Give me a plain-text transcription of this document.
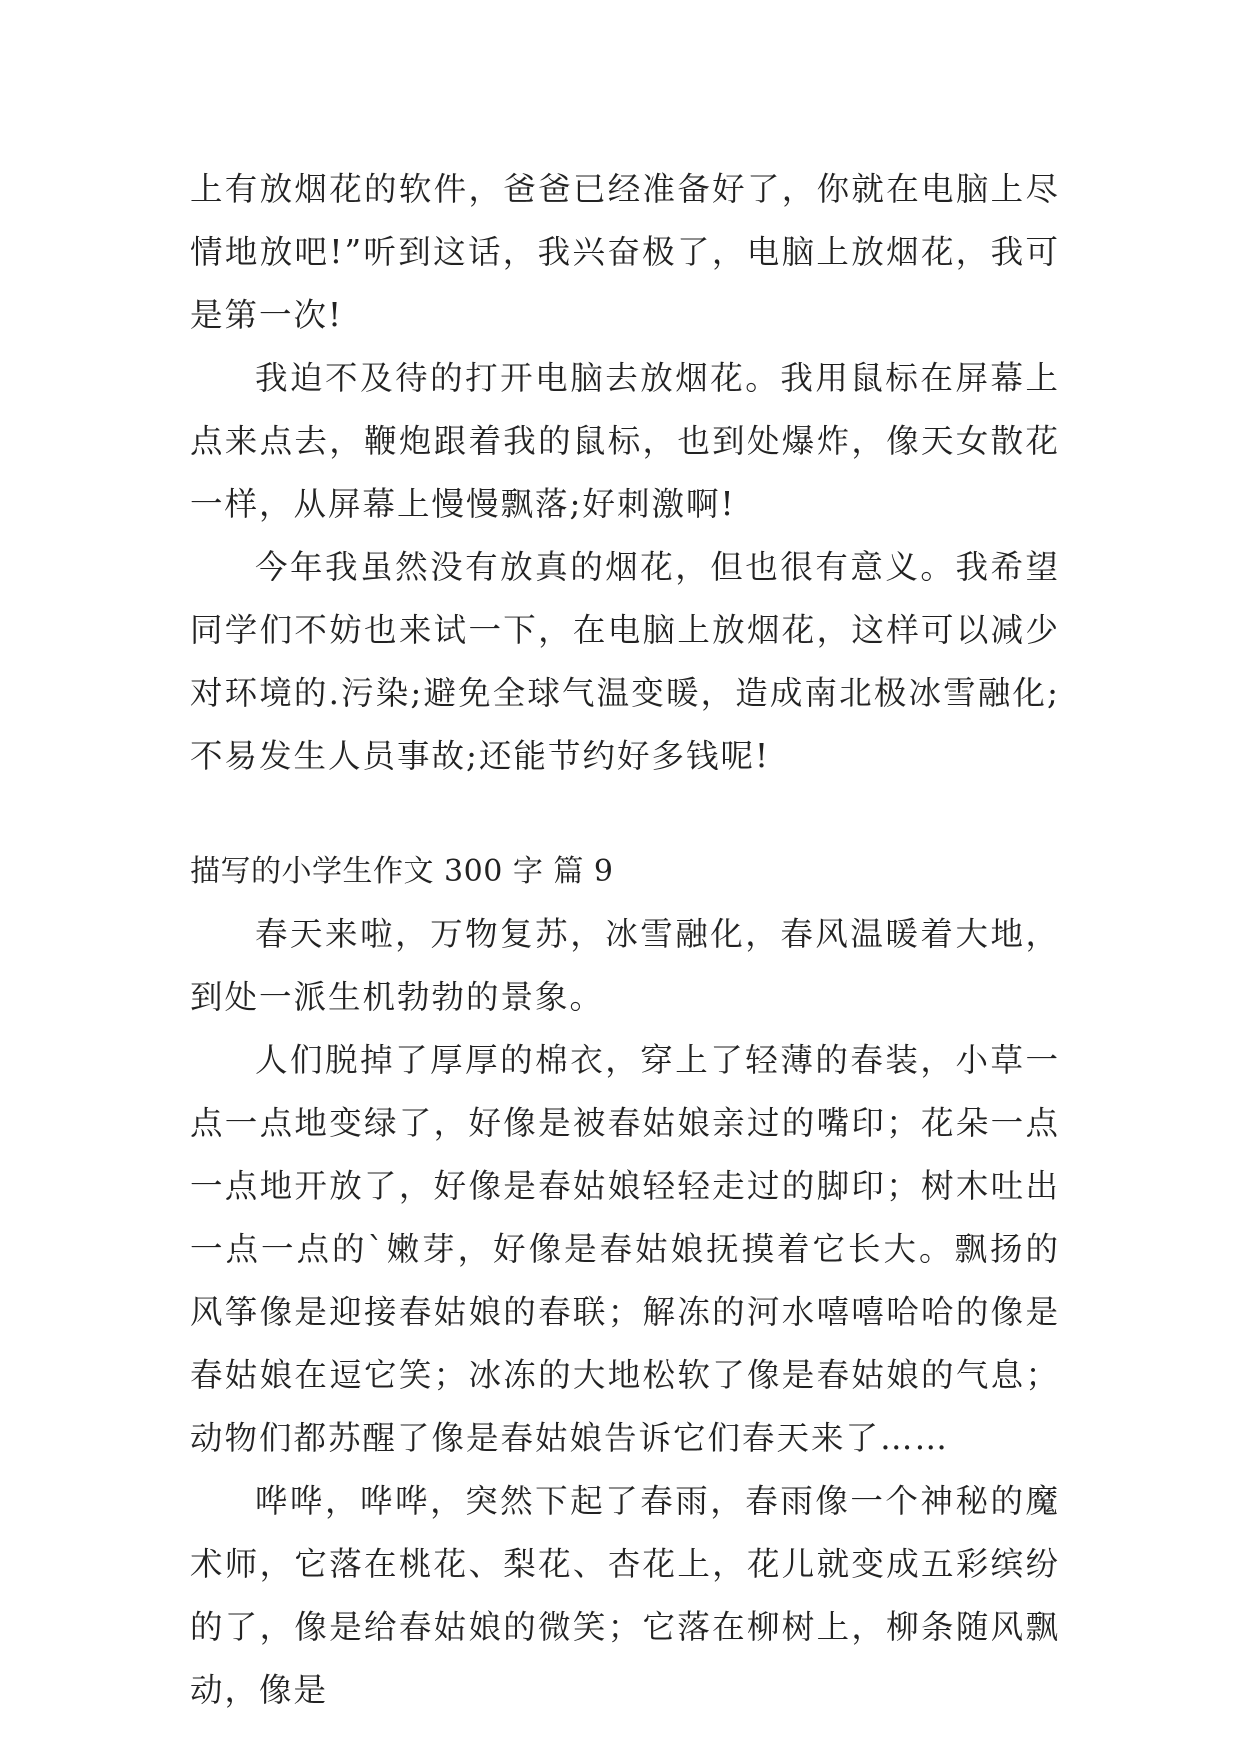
上有放烟花的软件，爸爸已经准备好了，你就在电脑上尽情地放吧!”听到这话，我兴奋极了，电脑上放烟花，我可是第一次!

我迫不及待的打开电脑去放烟花。我用鼠标在屏幕上点来点去，鞭炮跟着我的鼠标，也到处爆炸，像天女散花一样，从屏幕上慢慢飘落;好刺激啊!

今年我虽然没有放真的烟花，但也很有意义。我希望同学们不妨也来试一下，在电脑上放烟花，这样可以减少对环境的.污染;避免全球气温变暖，造成南北极冰雪融化;不易发生人员事故;还能节约好多钱呢!

描写的小学生作文 300 字 篇 9

春天来啦，万物复苏，冰雪融化，春风温暖着大地，到处一派生机勃勃的景象。

人们脱掉了厚厚的棉衣，穿上了轻薄的春装，小草一点一点地变绿了，好像是被春姑娘亲过的嘴印；花朵一点一点地开放了，好像是春姑娘轻轻走过的脚印；树木吐出一点一点的`嫩芽，好像是春姑娘抚摸着它长大。飘扬的风筝像是迎接春姑娘的春联；解冻的河水嘻嘻哈哈的像是春姑娘在逗它笑；冰冻的大地松软了像是春姑娘的气息；动物们都苏醒了像是春姑娘告诉它们春天来了……

哗哗，哗哗，突然下起了春雨，春雨像一个神秘的魔术师，它落在桃花、梨花、杏花上，花儿就变成五彩缤纷的了，像是给春姑娘的微笑；它落在柳树上，柳条随风飘动，像是
